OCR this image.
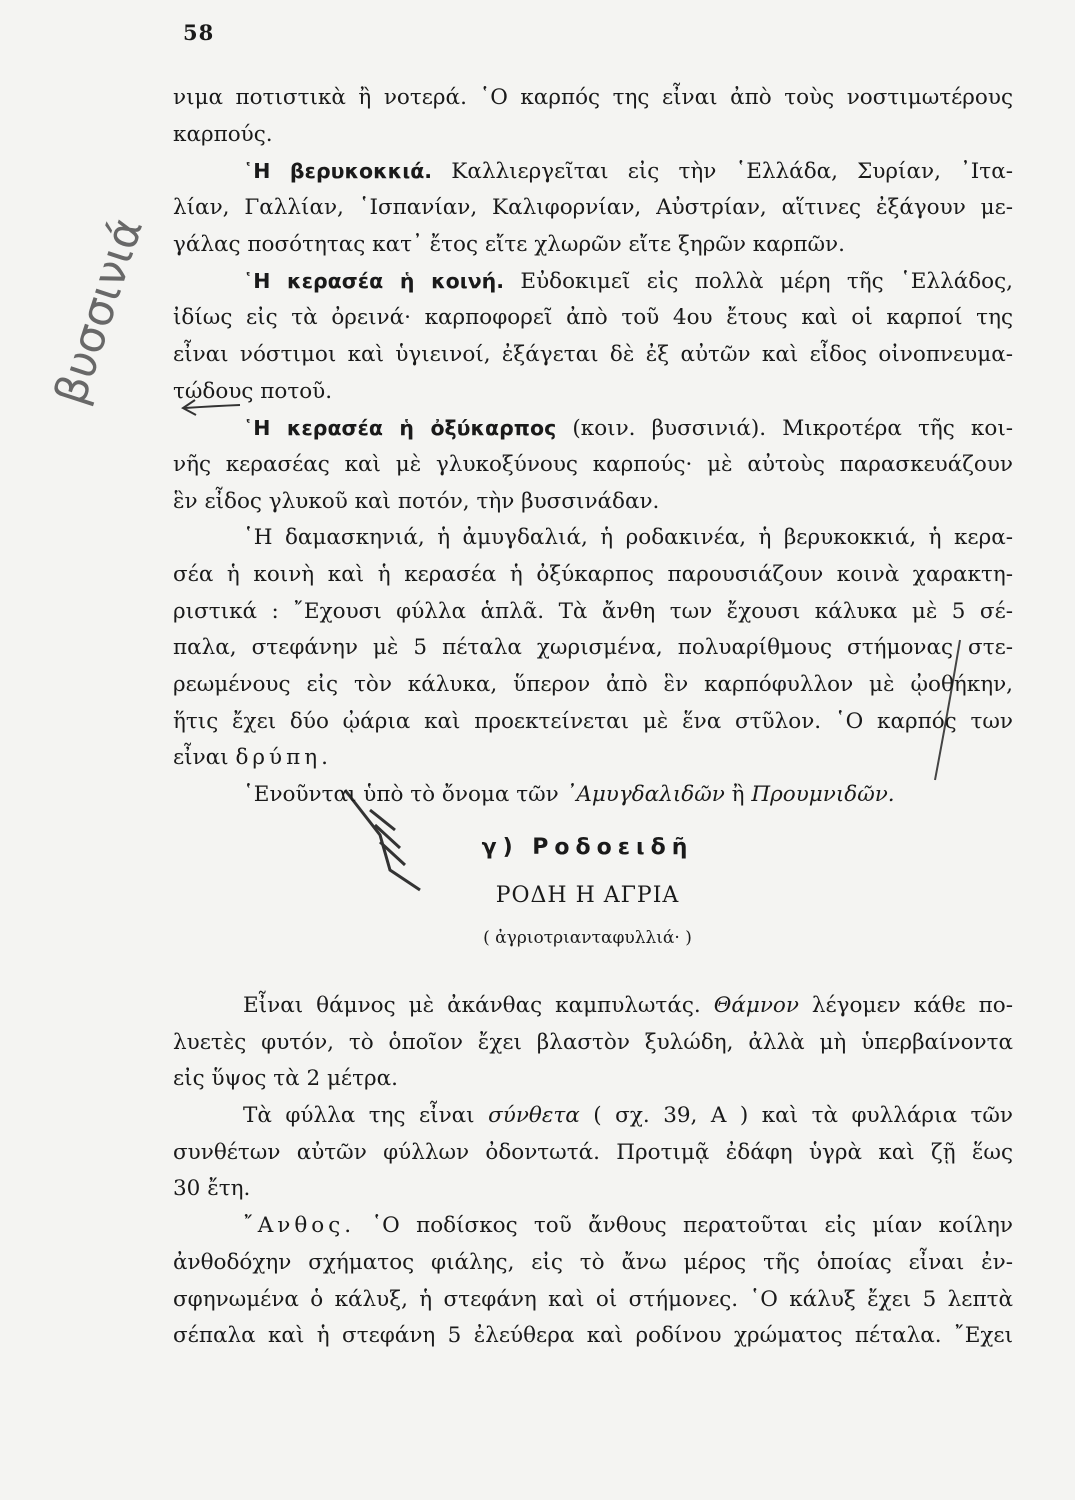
58
βυσσινιά
νιμα ποτιστικὰ ἢ νοτερά. ῾Ο καρπός της εἶναι ἀπὸ τοὺς νοστιμωτέρους
καρπούς.
῾Η βερυκοκκιά. Καλλιεργεῖται εἰς τὴν ῾Ελλάδα, Συρίαν, ᾿Ιτα-
λίαν, Γαλλίαν, ῾Ισπανίαν, Καλιφορνίαν, Αὐστρίαν, αἵτινες ἐξάγουν με-
γάλας ποσότητας κατ᾿ ἔτος εἴτε χλωρῶν εἴτε ξηρῶν καρπῶν.
῾Η κερασέα ἡ κοινή. Εὐδοκιμεῖ εἰς πολλὰ μέρη τῆς ῾Ελλάδος,
ἰδίως εἰς τὰ ὀρεινά· καρποφορεῖ ἀπὸ τοῦ 4ου ἔτους καὶ οἱ καρποί της
εἶναι νόστιμοι καὶ ὑγιεινοί, ἐξάγεται δὲ ἐξ αὐτῶν καὶ εἶδος οἰνοπνευμα-
τώδους ποτοῦ.
῾Η κερασέα ἡ ὀξύκαρπος (κοιν. βυσσινιά). Μικροτέρα τῆς κοι-
νῆς κερασέας καὶ μὲ γλυκοξύνους καρπούς· μὲ αὐτοὺς παρασκευάζουν
ἓν εἶδος γλυκοῦ καὶ ποτόν, τὴν βυσσινάδαν.
῾Η δαμασκηνιά, ἡ ἀμυγδαλιά, ἡ ροδακινέα, ἡ βερυκοκκιά, ἡ κερα-
σέα ἡ κοινὴ καὶ ἡ κερασέα ἡ ὀξύκαρπος παρουσιάζουν κοινὰ χαρακτη-
ριστικά : ῎Εχουσι φύλλα ἁπλᾶ. Τὰ ἄνθη των ἔχουσι κάλυκα μὲ 5 σέ-
παλα, στεφάνην μὲ 5 πέταλα χωρισμένα, πολυαρίθμους στήμονας στε-
ρεωμένους εἰς τὸν κάλυκα, ὕπερον ἀπὸ ἓν καρπόφυλλον μὲ ᾠοθήκην,
ἥτις ἔχει δύο ᾠάρια καὶ προεκτείνεται μὲ ἕνα στῦλον. ῾Ο καρπός των
εἶναι δρύπη.
῾Ενοῦνται ὑπὸ τὸ ὄνομα τῶν ᾿Αμυγδαλιδῶν ἢ Προυμνιδῶν.
γ) Ροδοειδῆ
ΡΟΔΗ Η ΑΓΡΙΑ
( ἀγριοτριανταφυλλιά· )
Εἶναι θάμνος μὲ ἀκάνθας καμπυλωτάς. Θάμνον λέγομεν κάθε πο-
λυετὲς φυτόν, τὸ ὁποῖον ἔχει βλαστὸν ξυλώδη, ἀλλὰ μὴ ὑπερβαίνοντα
εἰς ὕψος τὰ 2 μέτρα.
Τὰ φύλλα της εἶναι σύνθετα ( σχ. 39, Α ) καὶ τὰ φυλλάρια τῶν
συνθέτων αὐτῶν φύλλων ὀδοντωτά. Προτιμᾷ ἐδάφη ὑγρὰ καὶ ζῇ ἕως
30 ἔτη.
῎Ανθος. ῾Ο ποδίσκος τοῦ ἄνθους περατοῦται εἰς μίαν κοίλην
ἀνθοδόχην σχήματος φιάλης, εἰς τὸ ἄνω μέρος τῆς ὁποίας εἶναι ἐν-
σφηνωμένα ὁ κάλυξ, ἡ στεφάνη καὶ οἱ στήμονες. ῾Ο κάλυξ ἔχει 5 λεπτὰ
σέπαλα καὶ ἡ στεφάνη 5 ἐλεύθερα καὶ ροδίνου χρώματος πέταλα. ῎Εχει
